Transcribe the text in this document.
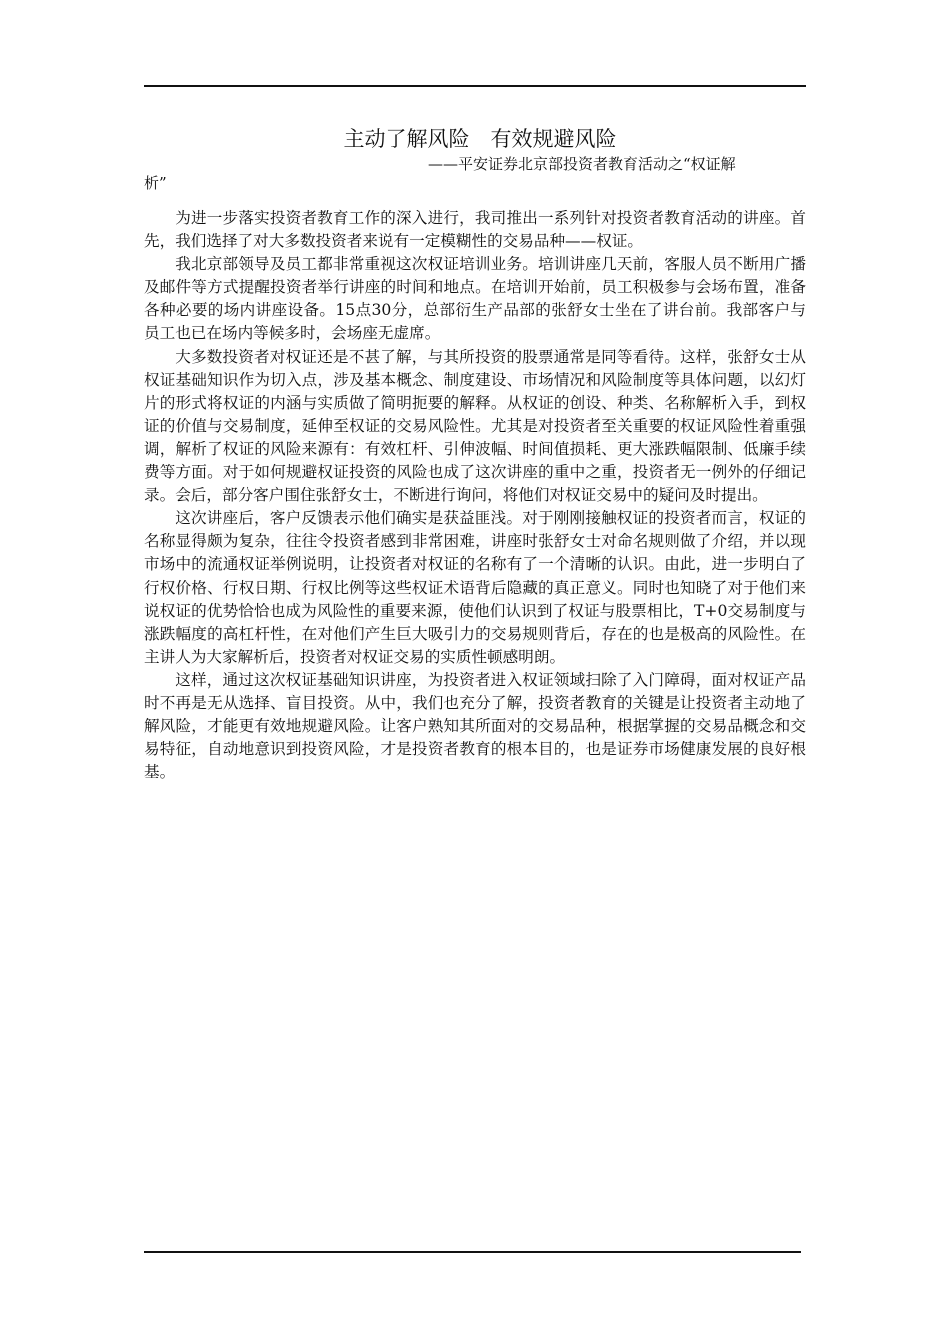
主动了解风险　有效规避风险
——平安证券北京部投资者教育活动之“权证解
析”

为进一步落实投资者教育工作的深入进行，我司推出一系列针对投资者教育活动的讲座。首先，我们选择了对大多数投资者来说有一定模糊性的交易品种——权证。

我北京部领导及员工都非常重视这次权证培训业务。培训讲座几天前，客服人员不断用广播及邮件等方式提醒投资者举行讲座的时间和地点。在培训开始前，员工积极参与会场布置，准备各种必要的场内讲座设备。15点30分，总部衍生产品部的张舒女士坐在了讲台前。我部客户与员工也已在场内等候多时，会场座无虚席。

大多数投资者对权证还是不甚了解，与其所投资的股票通常是同等看待。这样，张舒女士从权证基础知识作为切入点，涉及基本概念、制度建设、市场情况和风险制度等具体问题，以幻灯片的形式将权证的内涵与实质做了简明扼要的解释。从权证的创设、种类、名称解析入手，到权证的价值与交易制度，延伸至权证的交易风险性。尤其是对投资者至关重要的权证风险性着重强调，解析了权证的风险来源有：有效杠杆、引伸波幅、时间值损耗、更大涨跌幅限制、低廉手续费等方面。对于如何规避权证投资的风险也成了这次讲座的重中之重，投资者无一例外的仔细记录。会后，部分客户围住张舒女士，不断进行询问，将他们对权证交易中的疑问及时提出。

这次讲座后，客户反馈表示他们确实是获益匪浅。对于刚刚接触权证的投资者而言，权证的名称显得颇为复杂，往往令投资者感到非常困难，讲座时张舒女士对命名规则做了介绍，并以现市场中的流通权证举例说明，让投资者对权证的名称有了一个清晰的认识。由此，进一步明白了行权价格、行权日期、行权比例等这些权证术语背后隐藏的真正意义。同时也知晓了对于他们来说权证的优势恰恰也成为风险性的重要来源，使他们认识到了权证与股票相比，T+0交易制度与涨跌幅度的高杠杆性，在对他们产生巨大吸引力的交易规则背后，存在的也是极高的风险性。在主讲人为大家解析后，投资者对权证交易的实质性顿感明朗。

这样，通过这次权证基础知识讲座，为投资者进入权证领域扫除了入门障碍，面对权证产品时不再是无从选择、盲目投资。从中，我们也充分了解，投资者教育的关键是让投资者主动地了解风险，才能更有效地规避风险。让客户熟知其所面对的交易品种，根据掌握的交易品概念和交易特征，自动地意识到投资风险，才是投资者教育的根本目的，也是证券市场健康发展的良好根基。
